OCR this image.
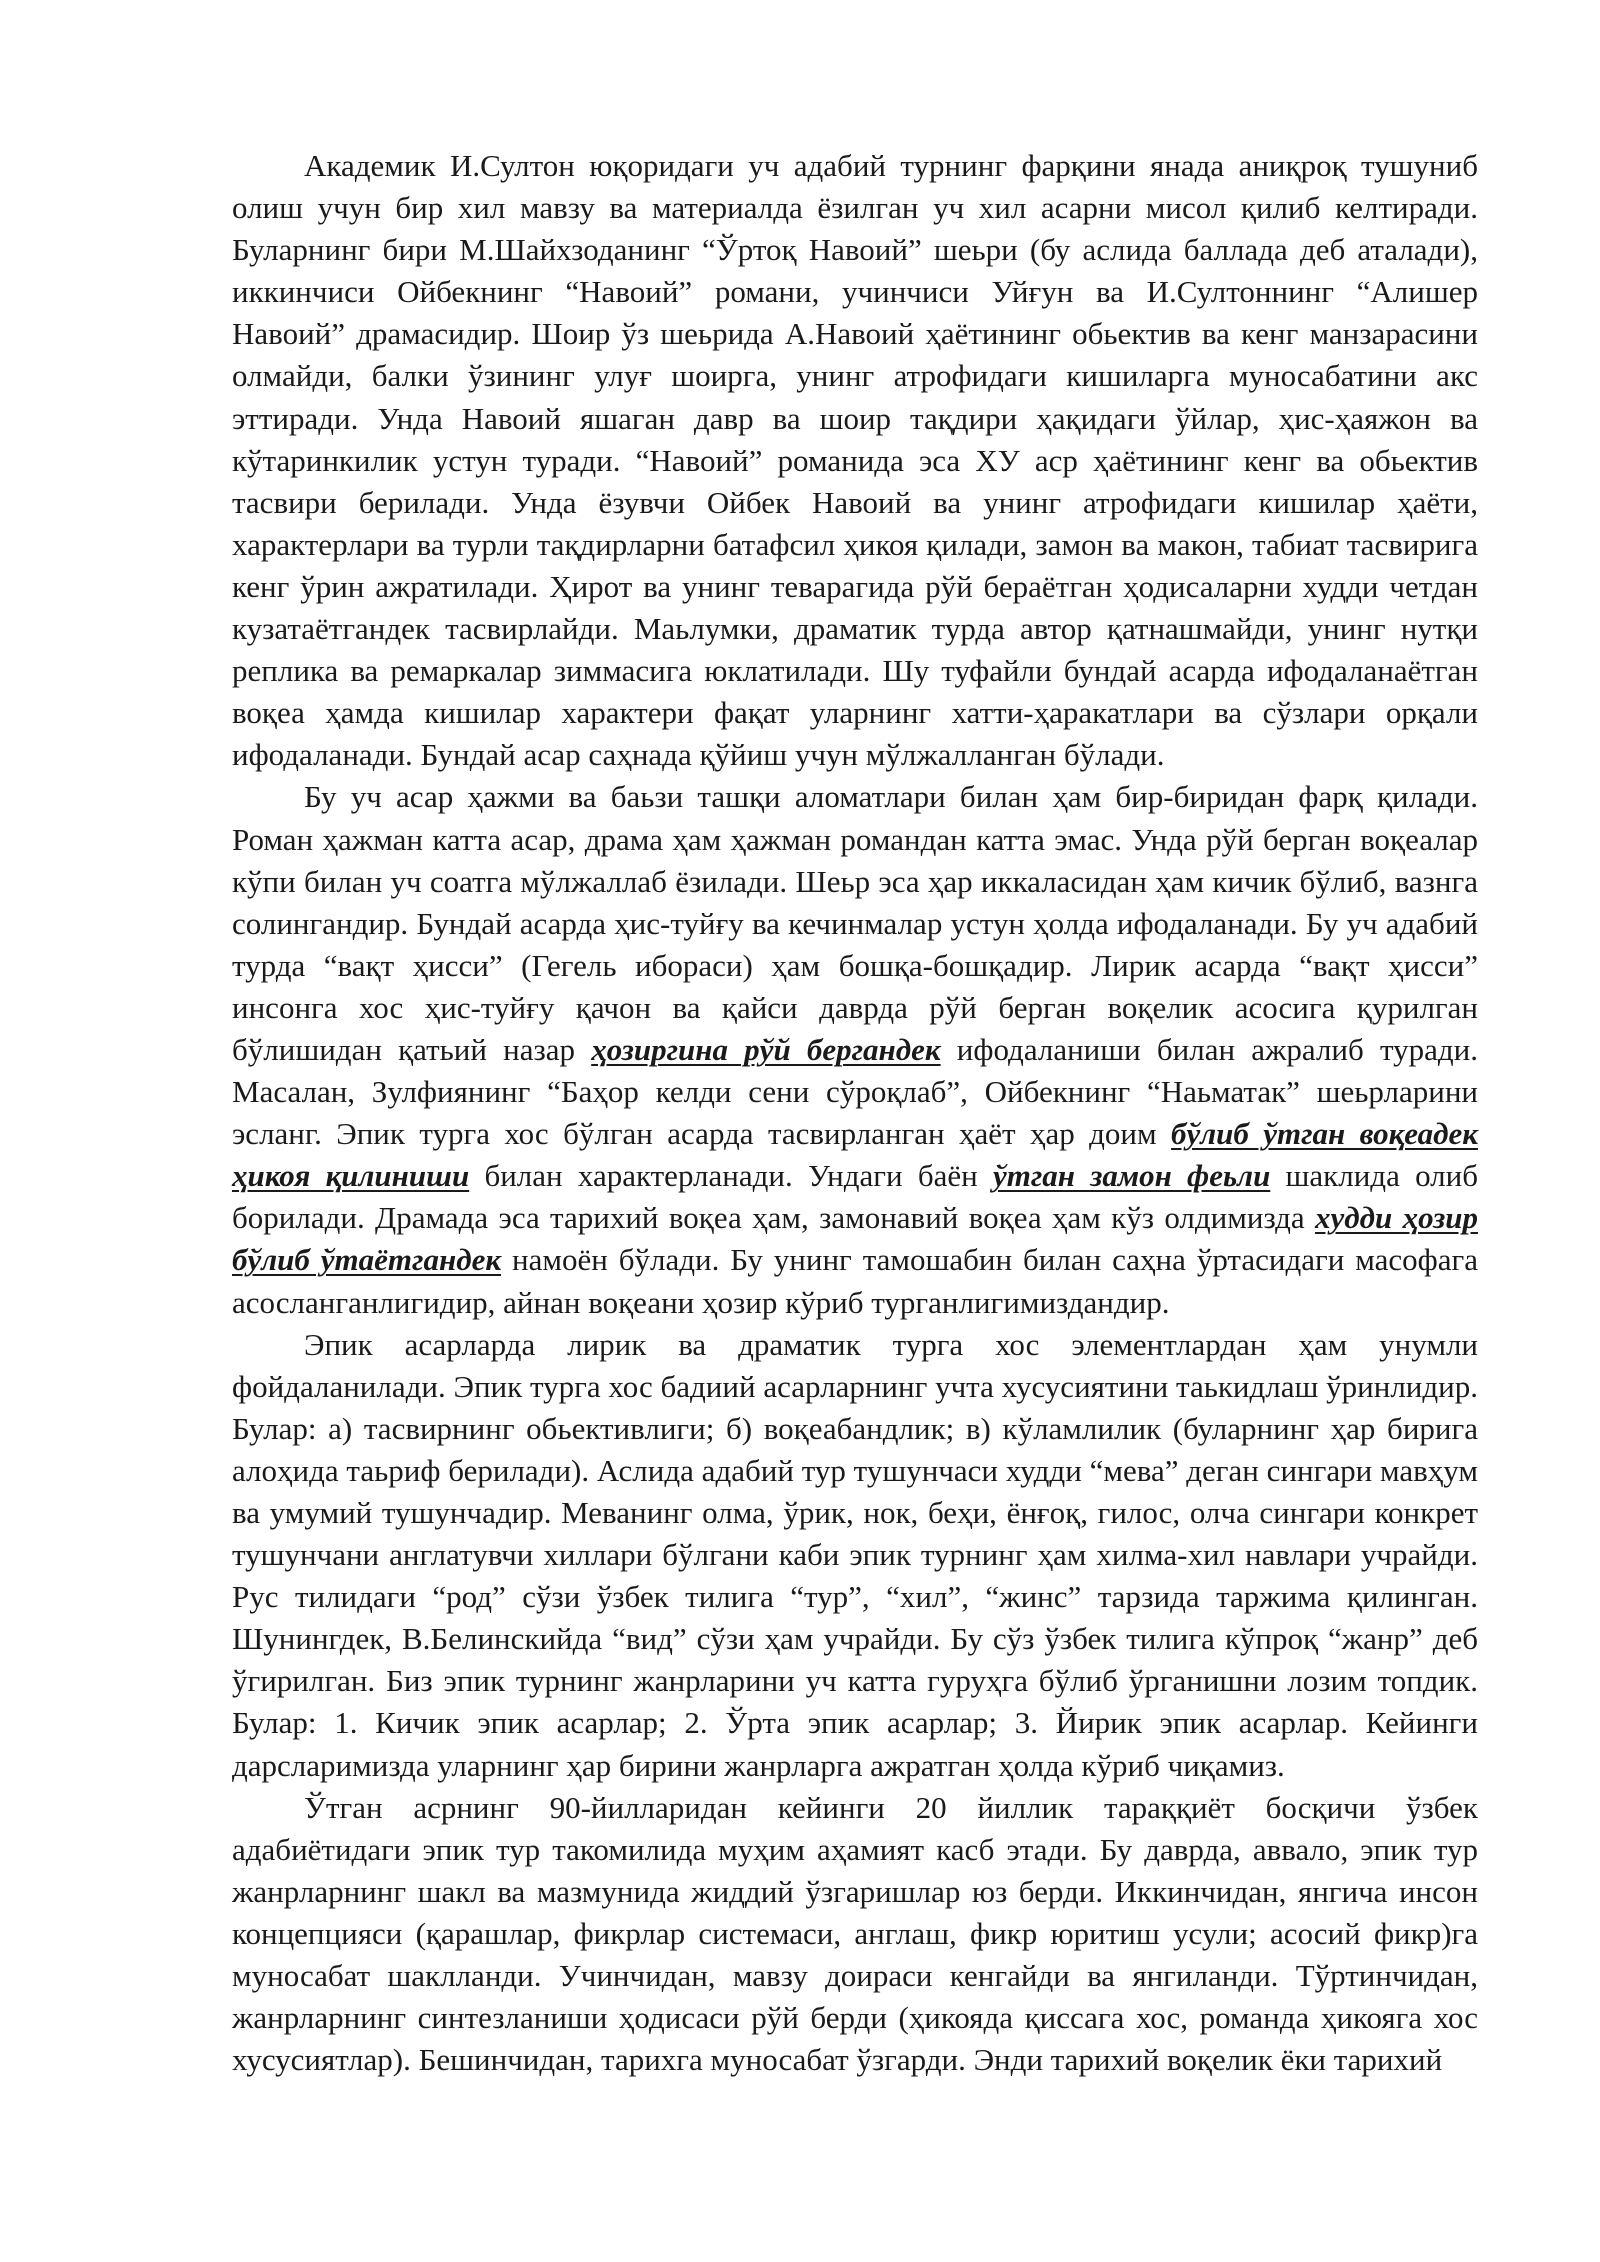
Академик И.Султон юқоридаги уч адабий турнинг фарқини янада аниқроқ тушуниб олиш учун бир хил мавзу ва материалда ёзилган уч хил асарни мисол қилиб келтиради. Буларнинг бири М.Шайхзоданинг “Ўртоқ Навоий” шеьри (бу аслида баллада деб аталади), иккинчиси Ойбекнинг “Навоий” романи, учинчиси Уйғун ва И.Султоннинг “Алишер Навоий” драмасидир. Шоир ўз шеьрида А.Навоий ҳаётининг обьектив ва кенг манзарасини олмайди, балки ўзининг улуғ шоирга, унинг атрофидаги кишиларга муносабатини акс эттиради. Унда Навоий яшаган давр ва шоир тақдири ҳақидаги ўйлар, ҳис-ҳаяжон ва кўтаринкилик устун туради. “Навоий” романида эса ХУ аср ҳаётининг кенг ва обьектив тасвири берилади. Унда ёзувчи Ойбек Навоий ва унинг атрофидаги кишилар ҳаёти, характерлари ва турли тақдирларни батафсил ҳикоя қилади, замон ва макон, табиат тасвирига кенг ўрин ажратилади. Ҳирот ва унинг теварагида рўй бераётган ҳодисаларни худди четдан кузатаётгандек тасвирлайди. Маьлумки, драматик турда автор қатнашмайди, унинг нутқи реплика ва ремаркалар зиммасига юклатилади. Шу туфайли бундай асарда ифодаланаётган воқеа ҳамда кишилар характери фақат уларнинг хатти-ҳаракатлари ва сўзлари орқали ифодаланади. Бундай асар саҳнада қўйиш учун мўлжалланган бўлади.

Бу уч асар ҳажми ва баьзи ташқи аломатлари билан ҳам бир-биридан фарқ қилади. Роман ҳажман катта асар, драма ҳам ҳажман романдан катта эмас. Унда рўй берган воқеалар кўпи билан уч соатга мўлжаллаб ёзилади. Шеьр эса ҳар иккаласидан ҳам кичик бўлиб, вазнга солингандир. Бундай асарда ҳис-туйғу ва кечинмалар устун ҳолда ифодаланади. Бу уч адабий турда “вақт ҳисси” (Гегель ибораси) ҳам бошқа-бошқадир. Лирик асарда “вақт ҳисси” инсонга хос ҳис-туйғу қачон ва қайси даврда рўй берган воқелик асосига қурилган бўлишидан қатьий назар ҳозиргина рўй бергандек ифодаланиши билан ажралиб туради. Масалан, Зулфиянинг “Баҳор келди сени сўроқлаб”, Ойбекнинг “Наьматак” шеьрларини эсланг. Эпик турга хос бўлган асарда тасвирланган ҳаёт ҳар доим бўлиб ўтган воқеадек ҳикоя қилиниши билан характерланади. Ундаги баён ўтган замон феьли шаклида олиб борилади. Драмада эса тарихий воқеа ҳам, замонавий воқеа ҳам кўз олдимизда худди ҳозир бўлиб ўтаётгандек намоён бўлади. Бу унинг тамошабин билан саҳна ўртасидаги масофага асосланганлигидир, айнан воқеани ҳозир кўриб турганлигимиздандир.

Эпик асарларда лирик ва драматик турга хос элементлардан ҳам унумли фойдаланилади. Эпик турга хос бадиий асарларнинг учта хусусиятини таькидлаш ўринлидир. Булар: а) тасвирнинг обьективлиги; б) воқеабандлик; в) кўламлилик (буларнинг ҳар бирига алоҳида таьриф берилади). Аслида адабий тур тушунчаси худди “мева” деган сингари мавҳум ва умумий тушунчадир. Меванинг олма, ўрик, нок, беҳи, ёнғоқ, гилос, олча сингари конкрет тушунчани англатувчи хиллари бўлгани каби эпик турнинг ҳам хилма-хил навлари учрайди. Рус тилидаги “род” сўзи ўзбек тилига “тур”, “хил”, “жинс” тарзида таржима қилинган. Шунингдек, В.Белинскийда “вид” сўзи ҳам учрайди. Бу сўз ўзбек тилига кўпроқ “жанр” деб ўгирилган. Биз эпик турнинг жанрларини уч катта гуруҳга бўлиб ўрганишни лозим топдик. Булар: 1. Кичик эпик асарлар; 2. Ўрта эпик асарлар; 3. Йирик эпик асарлар. Кейинги дарсларимизда уларнинг ҳар бирини жанрларга ажратган ҳолда кўриб чиқамиз.

Ўтган асрнинг 90-йилларидан кейинги 20 йиллик тараққиёт босқичи ўзбек адабиётидаги эпик тур такомилида муҳим аҳамият касб этади. Бу даврда, аввало, эпик тур жанрларнинг шакл ва мазмунида жиддий ўзгаришлар юз берди. Иккинчидан, янгича инсон концепцияси (қарашлар, фикрлар системаси, англаш, фикр юритиш усули; асосий фикр)га муносабат шаклланди. Учинчидан, мавзу доираси кенгайди ва янгиланди. Тўртинчидан, жанрларнинг синтезланиши ҳодисаси рўй берди (ҳикояда қиссага хос, романда ҳикояга хос хусусиятлар). Бешинчидан, тарихга муносабат ўзгарди. Энди тарихий воқелик ёки тарихий
